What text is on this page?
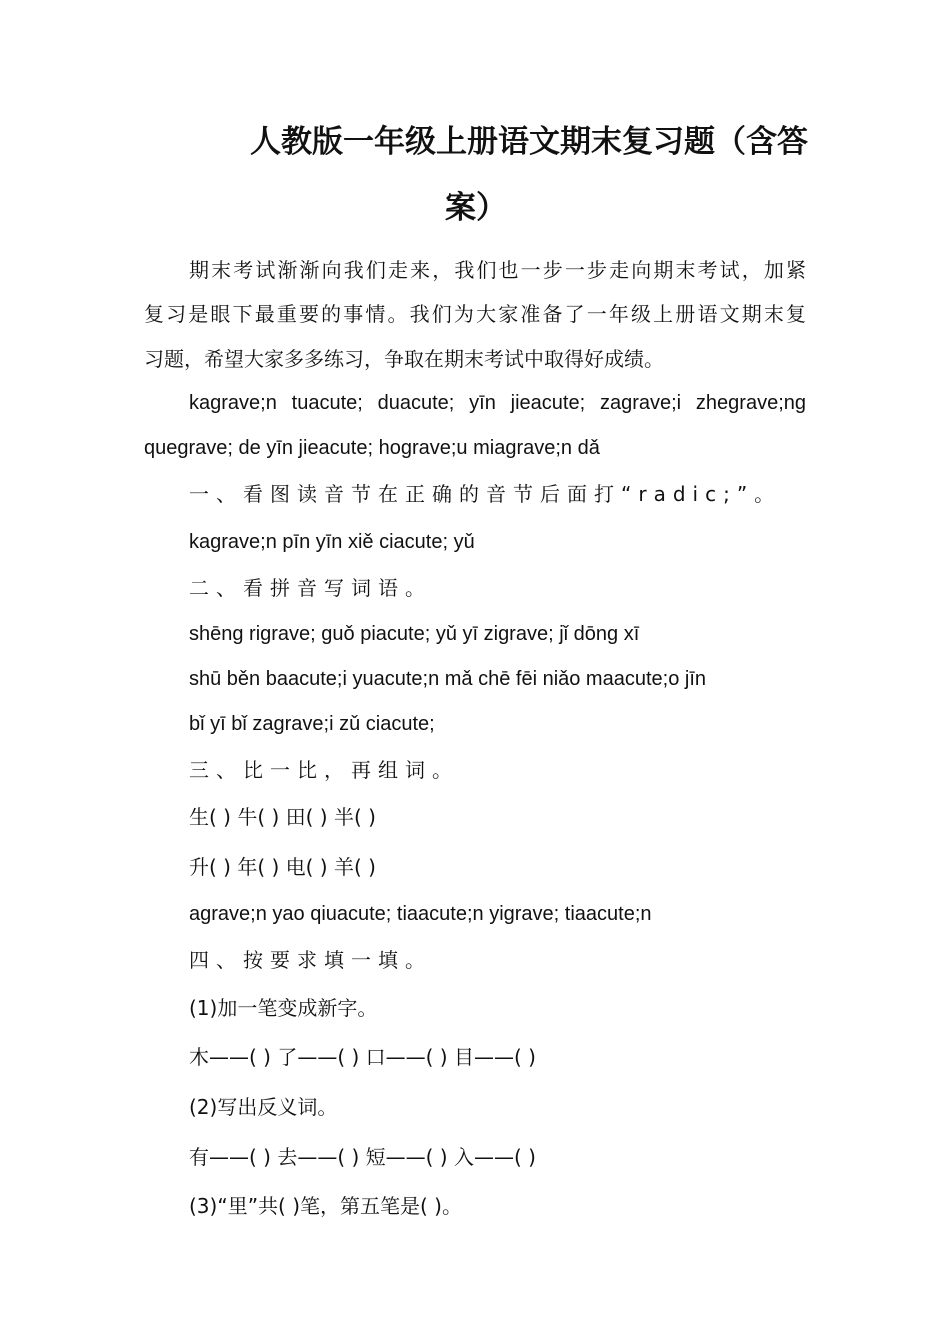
人教版一年级上册语文期末复习题（含答
案）
期末考试渐渐向我们走来，我们也一步一步走向期末考试，加紧
复习是眼下最重要的事情。我们为大家准备了一年级上册语文期末复
习题，希望大家多多练习，争取在期末考试中取得好成绩。
kagrave;n tuacute; duacute; yīn jieacute; zagrave;i zhegrave;ng
quegrave; de yīn jieacute; hograve;u miagrave;n dǎ
一、看图读音节在正确的音节后面打“radic;”。
kagrave;n pīn yīn xiě ciacute; yǔ
二、看拼音写词语。
shēng rigrave; guǒ piacute; yǔ yī zigrave; jǐ dōng xī
shū běn baacute;i yuacute;n mǎ chē fēi niǎo maacute;o jīn
bǐ yī bǐ zagrave;i zǔ ciacute;
三、比一比，再组词。
生( ) 牛( ) 田( ) 半( )
升( ) 年( ) 电( ) 羊( )
agrave;n yao qiuacute; tiaacute;n yigrave; tiaacute;n
四、按要求填一填。
(1)加一笔变成新字。
木——( ) 了——( ) 口——( ) 目——( )
(2)写出反义词。
有——( ) 去——( ) 短——( ) 入——( )
(3)“里”共( )笔，第五笔是( )。
